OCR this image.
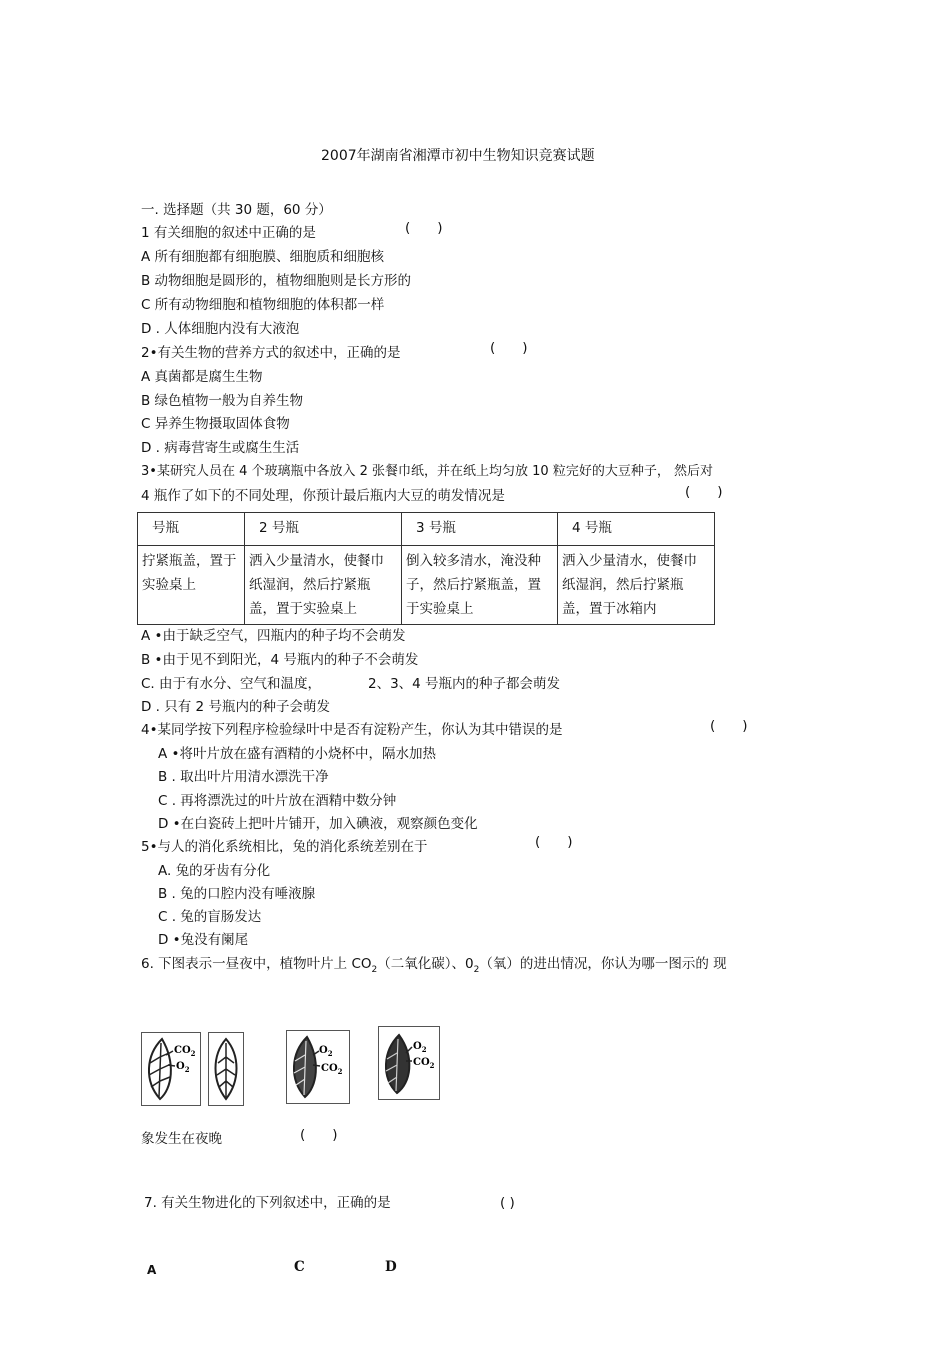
2007年湖南省湘潭市初中生物知识竞赛试题
一. 选择题（共 30 题，60 分）
1 有关细胞的叙述中正确的是	(　　)
A 所有细胞都有细胞膜、细胞质和细胞核
B 动物细胞是圆形的，植物细胞则是长方形的
C 所有动物细胞和植物细胞的体积都一样
D . 人体细胞内没有大液泡
2•有关生物的营养方式的叙述中，正确的是	(　　)
A 真菌都是腐生生物
B 绿色植物一般为自养生物
C 异养生物摄取固体食物
D . 病毒营寄生或腐生生活
3•某研究人员在 4 个玻璃瓶中各放入 2 张餐巾纸，并在纸上均匀放 10 粒完好的大豆种子， 然后对
4 瓶作了如下的不同处理，你预计最后瓶内大豆的萌发情况是	(　　)
号瓶	2 号瓶	3 号瓶	4 号瓶
拧紧瓶盖，置于实验桌上	洒入少量清水，使餐巾纸湿润，然后拧紧瓶盖，置于实验桌上	倒入较多清水，淹没种子，然后拧紧瓶盖，置于实验桌上	洒入少量清水，使餐巾纸湿润，然后拧紧瓶盖，置于冰箱内
A •由于缺乏空气，四瓶内的种子均不会萌发
B •由于见不到阳光，4 号瓶内的种子不会萌发
C. 由于有水分、空气和温度，	2、3、4 号瓶内的种子都会萌发
D . 只有 2 号瓶内的种子会萌发
4•某同学按下列程序检验绿叶中是否有淀粉产生，你认为其中错误的是	(　　)
A •将叶片放在盛有酒精的小烧杯中，隔水加热
B . 取出叶片用清水漂洗干净
C . 再将漂洗过的叶片放在酒精中数分钟
D •在白瓷砖上把叶片铺开，加入碘液，观察颜色变化
5•与人的消化系统相比，兔的消化系统差别在于	(　　)
A. 兔的牙齿有分化
B . 兔的口腔内没有唾液腺
C . 兔的盲肠发达
D •兔没有阑尾
6. 下图表示一昼夜中，植物叶片上 $CO_2$（二氧化碳）、$0_2$（氧）的进出情况，你认为哪一图示的 现
$CO_2$
$O_2$
$O_2$
$CO_2$
$O_2$
$CO_2$
象发生在夜晚	(　　)
7. 有关生物进化的下列叙述中，正确的是	( )
A	C	D
